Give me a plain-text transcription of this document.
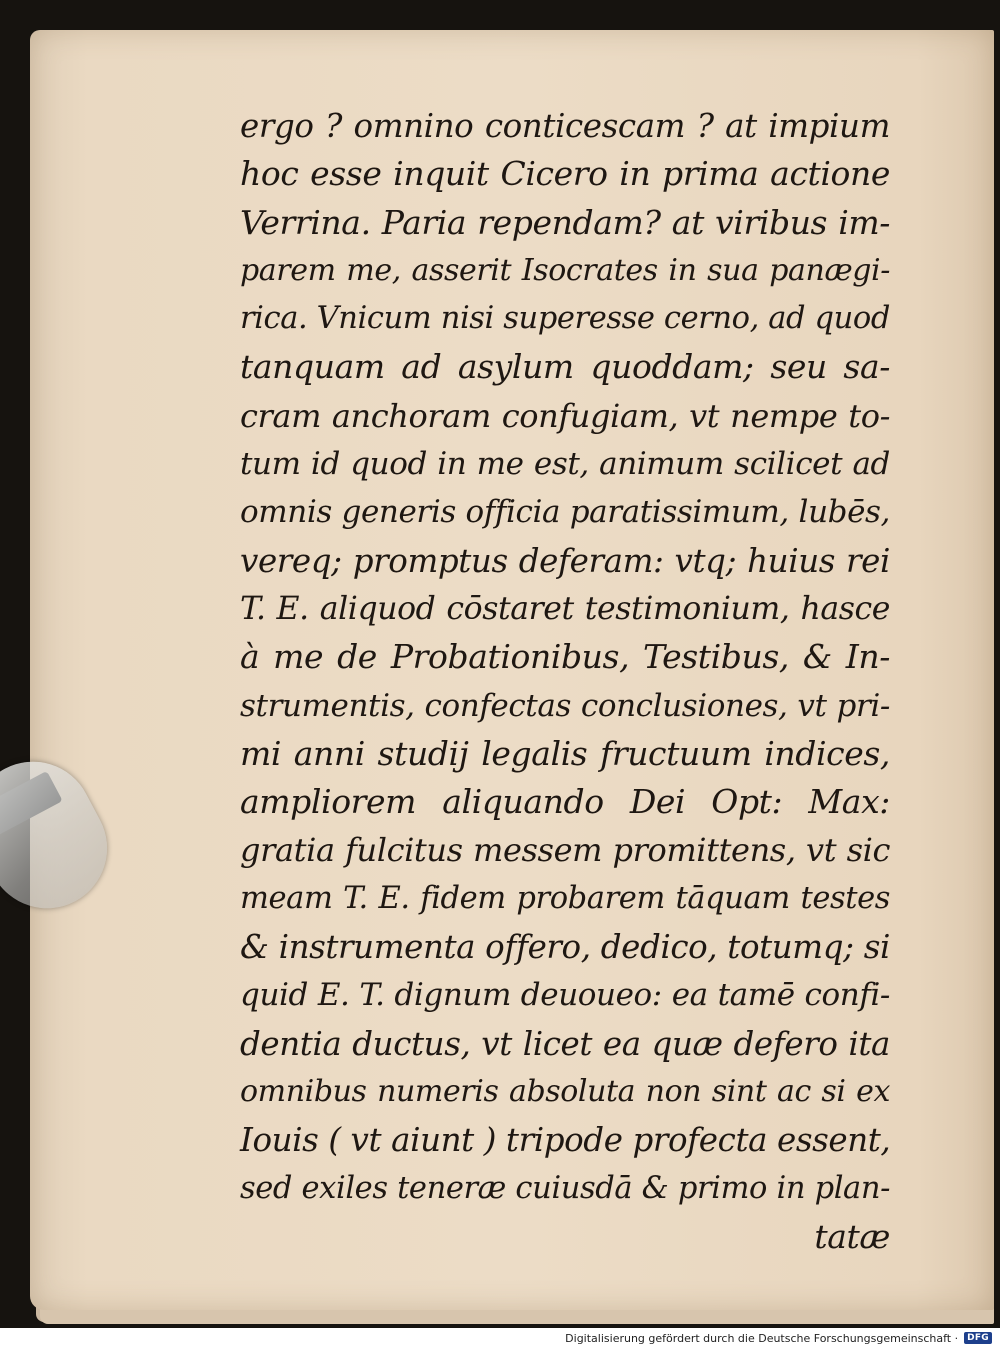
ergo ? omnino conticescam ? at impium
hoc esse inquit Cicero in prima actione
Verrina. Paria rependam? at viribus im-
parem me, asserit Isocrates in sua panægi-
rica. Vnicum nisi superesse cerno, ad quod
tanquam ad asylum quoddam; seu sa-
cram anchoram confugiam, vt nempe to-
tum id quod in me est, animum scilicet ad
omnis generis officia paratissimum, lubēs,
vereq; promptus deferam: vtq; huius rei
T. E. aliquod cōstaret testimonium, hasce
à me de Probationibus, Testibus, & In-
strumentis, confectas conclusiones, vt pri-
mi anni studij legalis fructuum indices,
ampliorem aliquando Dei Opt: Max:
gratia fulcitus messem promittens, vt sic
meam T. E. fidem probarem tāquam testes
& instrumenta offero, dedico, totumq; si
quid E. T. dignum deuoueo: ea tamē confi-
dentia ductus, vt licet ea quæ defero ita
omnibus numeris absoluta non sint ac si ex
Iouis ( vt aiunt ) tripode profecta essent,
sed exiles teneræ cuiusdā & primo in plan-
tatæ
Digitalisierung gefördert durch die Deutsche Forschungsgemeinschaft ·	DFG
